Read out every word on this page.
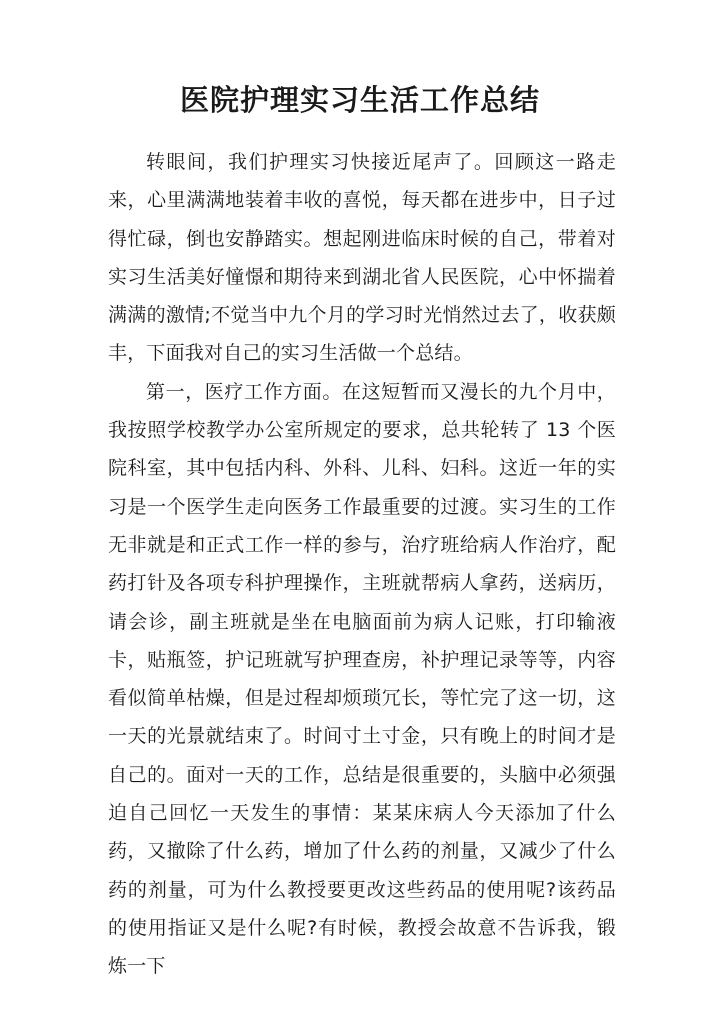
医院护理实习生活工作总结

转眼间，我们护理实习快接近尾声了。回顾这一路走来，心里满满地装着丰收的喜悦，每天都在进步中，日子过得忙碌，倒也安静踏实。想起刚进临床时候的自己，带着对实习生活美好憧憬和期待来到湖北省人民医院，心中怀揣着满满的激情;不觉当中九个月的学习时光悄然过去了，收获颇丰，下面我对自己的实习生活做一个总结。

第一，医疗工作方面。在这短暂而又漫长的九个月中，我按照学校教学办公室所规定的要求，总共轮转了 13 个医院科室，其中包括内科、外科、儿科、妇科。这近一年的实习是一个医学生走向医务工作最重要的过渡。实习生的工作无非就是和正式工作一样的参与，治疗班给病人作治疗，配药打针及各项专科护理操作，主班就帮病人拿药，送病历，请会诊，副主班就是坐在电脑面前为病人记账，打印输液卡，贴瓶签，护记班就写护理查房，补护理记录等等，内容看似简单枯燥，但是过程却烦琐冗长，等忙完了这一切，这一天的光景就结束了。时间寸土寸金，只有晚上的时间才是自己的。面对一天的工作，总结是很重要的，头脑中必须强迫自己回忆一天发生的事情：某某床病人今天添加了什么药，又撤除了什么药，增加了什么药的剂量，又减少了什么药的剂量，可为什么教授要更改这些药品的使用呢?该药品的使用指证又是什么呢?有时候，教授会故意不告诉我，锻炼一下
